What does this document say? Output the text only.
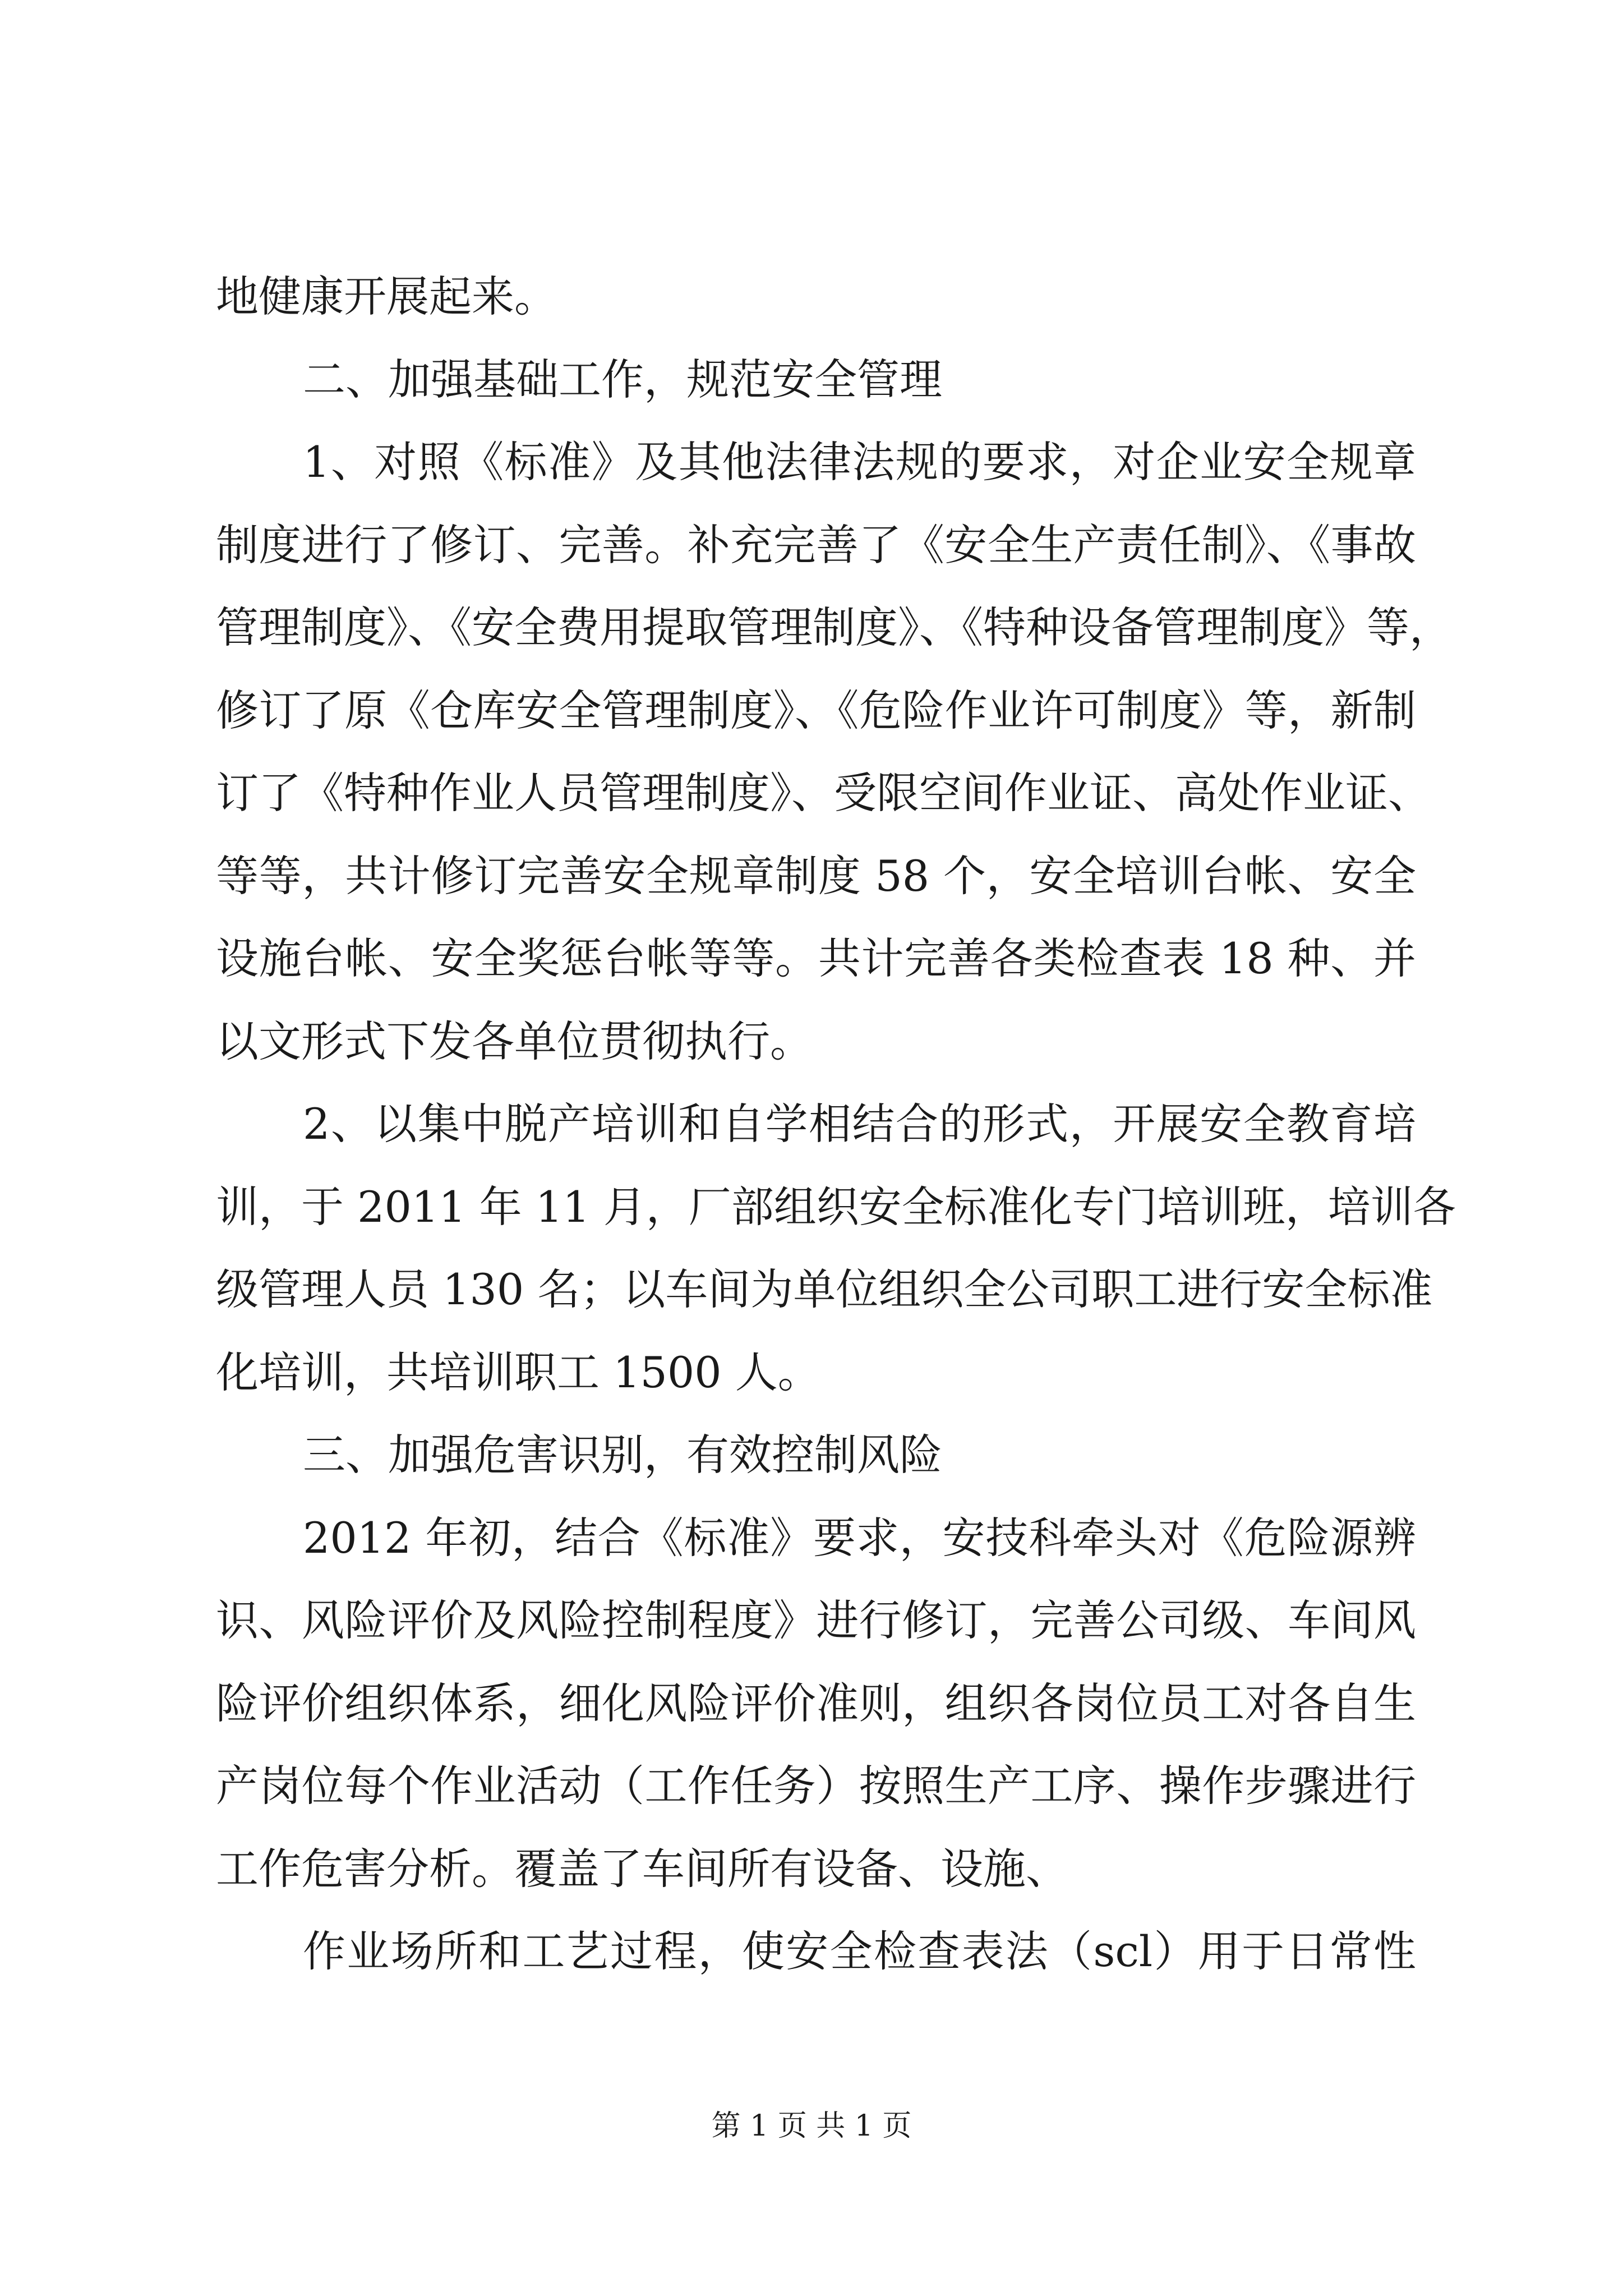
地健康开展起来。
二、加强基础工作，规范安全管理
1、对照《标准》及其他法律法规的要求，对企业安全规章
制度进行了修订、完善。补充完善了《安全生产责任制》、《事故
管理制度》、《安全费用提取管理制度》、《特种设备管理制度》等，
修订了原《仓库安全管理制度》、《危险作业许可制度》等，新制
订了《特种作业人员管理制度》、受限空间作业证、高处作业证、
等等，共计修订完善安全规章制度 58 个，安全培训台帐、安全
设施台帐、安全奖惩台帐等等。共计完善各类检查表 18 种、并
以文形式下发各单位贯彻执行。
2、以集中脱产培训和自学相结合的形式，开展安全教育培
训，于 2011 年 11 月，厂部组织安全标准化专门培训班，培训各
级管理人员 130 名；以车间为单位组织全公司职工进行安全标准
化培训，共培训职工 1500 人。
三、加强危害识别，有效控制风险
2012 年初，结合《标准》要求，安技科牵头对《危险源辨
识、风险评价及风险控制程度》进行修订，完善公司级、车间风
险评价组织体系，细化风险评价准则，组织各岗位员工对各自生
产岗位每个作业活动（工作任务）按照生产工序、操作步骤进行
工作危害分析。覆盖了车间所有设备、设施、
作业场所和工艺过程，使安全检查表法（scl）用于日常性
第 1 页 共 1 页
